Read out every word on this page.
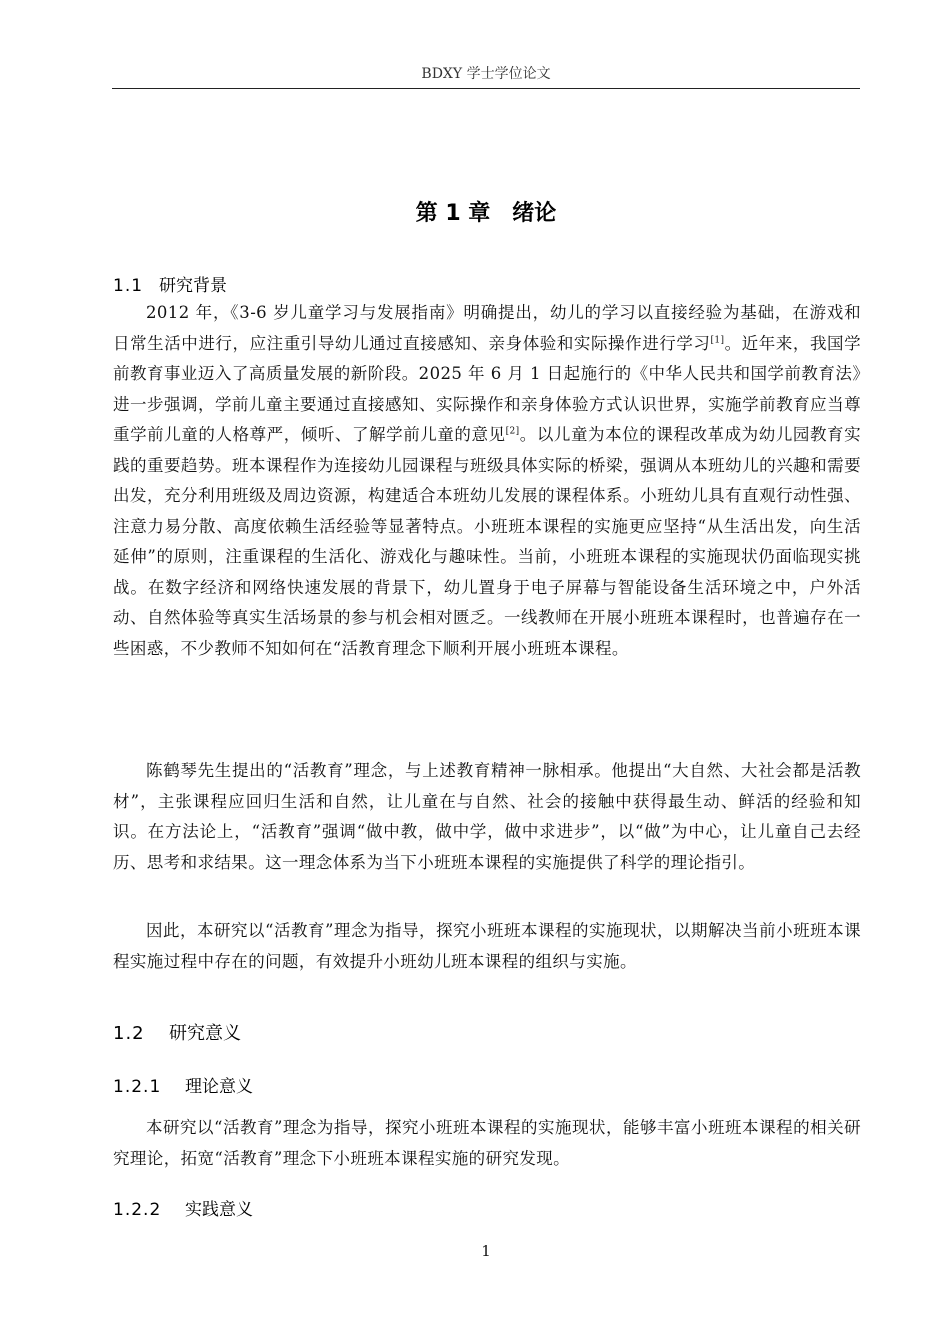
BDXY 学士学位论文
第 1 章　绪论
1.1 研究背景

2012 年，《3-6 岁儿童学习与发展指南》明确提出，幼儿的学习以直接经验为基础，在游戏和日常生活中进行，应注重引导幼儿通过直接感知、亲身体验和实际操作进行学习[1]。近年来，我国学前教育事业迈入了高质量发展的新阶段。2025 年 6 月 1 日起施行的《中华人民共和国学前教育法》进一步强调，学前儿童主要通过直接感知、实际操作和亲身体验方式认识世界，实施学前教育应当尊重学前儿童的人格尊严，倾听、了解学前儿童的意见[2]。以儿童为本位的课程改革成为幼儿园教育实践的重要趋势。班本课程作为连接幼儿园课程与班级具体实际的桥梁，强调从本班幼儿的兴趣和需要出发，充分利用班级及周边资源，构建适合本班幼儿发展的课程体系。小班幼儿具有直观行动性强、注意力易分散、高度依赖生活经验等显著特点。小班班本课程的实施更应坚持“从生活出发，向生活延伸”的原则，注重课程的生活化、游戏化与趣味性。当前，小班班本课程的实施现状仍面临现实挑战。在数字经济和网络快速发展的背景下，幼儿置身于电子屏幕与智能设备生活环境之中，户外活动、自然体验等真实生活场景的参与机会相对匮乏。一线教师在开展小班班本课程时，也普遍存在一些困惑，不少教师不知如何在“活教育理念下顺利开展小班班本课程。

陈鹤琴先生提出的“活教育”理念，与上述教育精神一脉相承。他提出“大自然、大社会都是活教材”，主张课程应回归生活和自然，让儿童在与自然、社会的接触中获得最生动、鲜活的经验和知识。在方法论上，“活教育”强调“做中教，做中学，做中求进步”，以“做”为中心，让儿童自己去经历、思考和求结果。这一理念体系为当下小班班本课程的实施提供了科学的理论指引。

因此，本研究以“活教育”理念为指导，探究小班班本课程的实施现状，以期解决当前小班班本课程实施过程中存在的问题，有效提升小班幼儿班本课程的组织与实施。

1.2 研究意义
1.2.1 理论意义

本研究以“活教育”理念为指导，探究小班班本课程的实施现状，能够丰富小班班本课程的相关研究理论，拓宽“活教育”理念下小班班本课程实施的研究发现。

1.2.2 实践意义
1
